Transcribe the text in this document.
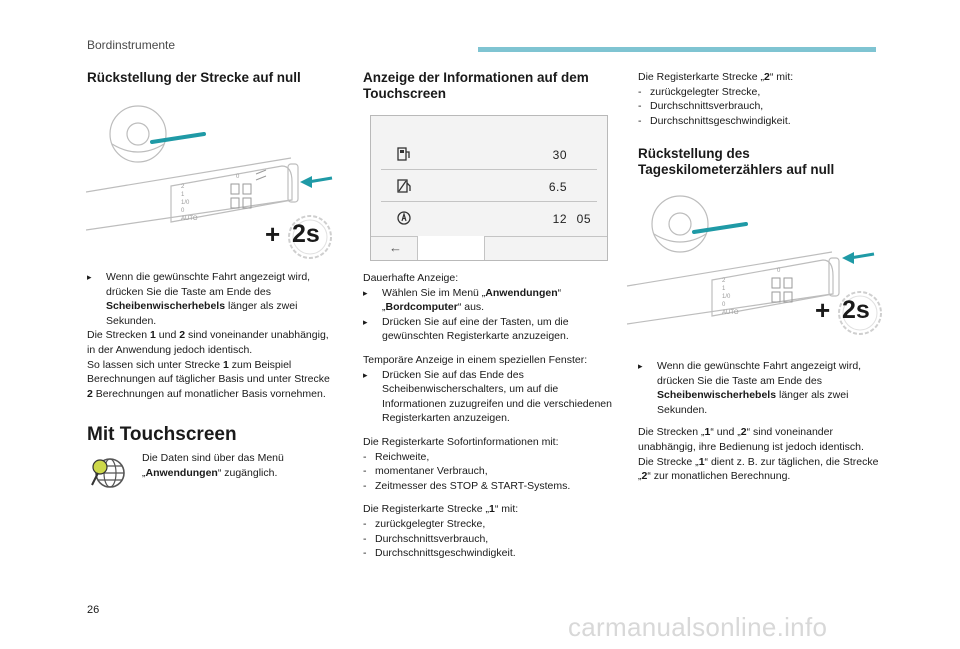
Bordinstrumente
Rückstellung der Strecke auf null
2
1
1/0
0
AUTO
0
+ 2s
▸ Wenn die gewünschte Fahrt angezeigt wird, drücken Sie die Taste am Ende des Scheibenwischerhebels länger als zwei Sekunden.
Die Strecken 1 und 2 sind voneinander unabhängig, in der Anwendung jedoch identisch.
So lassen sich unter Strecke 1 zum Beispiel Berechnungen auf täglicher Basis und unter Strecke 2 Berechnungen auf monatlicher Basis vornehmen.
Mit Touchscreen
Die Daten sind über das Menü „Anwendungen“ zugänglich.
Anzeige der Informationen auf dem Touchscreen
30
6.5
12 05
←
Dauerhafte Anzeige:
▸ Wählen Sie im Menü „Anwendungen“ „Bordcomputer“ aus.
▸ Drücken Sie auf eine der Tasten, um die gewünschten Registerkarte anzuzeigen.
Temporäre Anzeige in einem speziellen Fenster:
▸ Drücken Sie auf das Ende des Scheibenwischerschalters, um auf die Informationen zuzugreifen und die verschiedenen Registerkarten anzuzeigen.
Die Registerkarte Sofortinformationen mit:
- Reichweite,
- momentaner Verbrauch,
- Zeitmesser des STOP & START-Systems.
Die Registerkarte Strecke „1“ mit:
- zurückgelegter Strecke,
- Durchschnittsverbrauch,
- Durchschnittsgeschwindigkeit.
Die Registerkarte Strecke „2“ mit:
- zurückgelegter Strecke,
- Durchschnittsverbrauch,
- Durchschnittsgeschwindigkeit.
Rückstellung des Tageskilometerzählers auf null
2
1
1/0
0
AUTO
0
+ 2s
▸ Wenn die gewünschte Fahrt angezeigt wird, drücken Sie die Taste am Ende des Scheibenwischerhebels länger als zwei Sekunden.
Die Strecken „1“ und „2“ sind voneinander unabhängig, ihre Bedienung ist jedoch identisch.
Die Strecke „1“ dient z. B. zur täglichen, die Strecke „2“ zur monatlichen Berechnung.
26
carmanualsonline.info
